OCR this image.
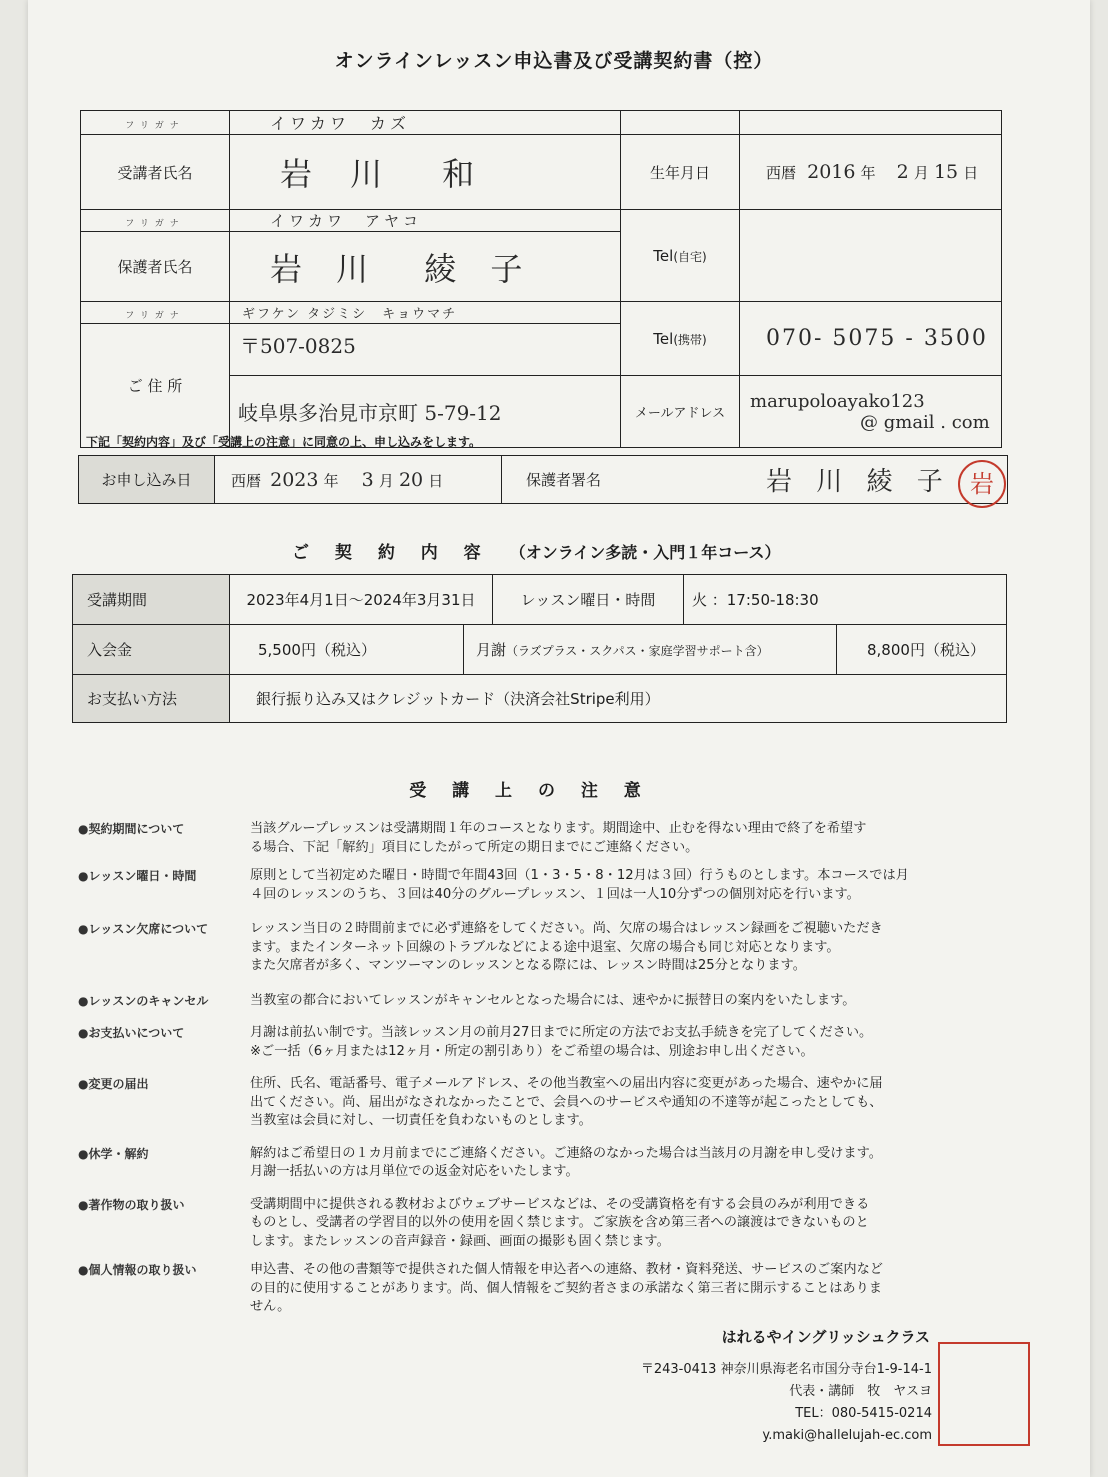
オンラインレッスン申込書及び受講契約書（控）
フリガナ	イワカワ　カズ		
受講者氏名	岩 川　和	生年月日	西暦 2016 年 2 月 15 日
フリガナ	イワカワ　アヤコ	Tel(自宅)	
保護者氏名	岩 川　綾 子		
フリガナ	ギフケン タジミシ　キョウマチ	Tel(携帯)	070- 5075 - 3500
ご 住 所	〒507-0825		
	岐阜県多治見市京町 5-79-12	メールアドレス	marupoloayako123
@ gmail . com
下記「契約内容」及び「受講上の注意」に同意の上、申し込みをします。
お申し込み日	西暦 2023 年 3 月 20 日	保護者署名	岩 川 綾 子 岩
ご 契 約 内 容 （オンライン多読・入門１年コース）
受講期間	2023年4月1日～2024年3月31日	レッスン曜日・時間	火 ：17:50-18:30
入会金	5,500円（税込）	月謝（ラズプラス・スクパス・家庭学習サポート含）	8,800円（税込）
お支払い方法	銀行振り込み又はクレジットカード（決済会社Stripe利用）
受 講 上 の 注 意
●契約期間について	当該グループレッスンは受講期間１年のコースとなります。期間途中、止むを得ない理由で終了を希望す
る場合、下記「解約」項目にしたがって所定の期日までにご連絡ください。
●レッスン曜日・時間	原則として当初定めた曜日・時間で年間43回（1・3・5・8・12月は３回）行うものとします。本コースでは月
４回のレッスンのうち、３回は40分のグループレッスン、１回は一人10分ずつの個別対応を行います。
●レッスン欠席について	レッスン当日の２時間前までに必ず連絡をしてください。尚、欠席の場合はレッスン録画をご視聴いただき
ます。またインターネット回線のトラブルなどによる途中退室、欠席の場合も同じ対応となります。
また欠席者が多く、マンツーマンのレッスンとなる際には、レッスン時間は25分となります。
●レッスンのキャンセル	当教室の都合においてレッスンがキャンセルとなった場合には、速やかに振替日の案内をいたします。
●お支払いについて	月謝は前払い制です。当該レッスン月の前月27日までに所定の方法でお支払手続きを完了してください。
※ご一括（6ヶ月または12ヶ月・所定の割引あり）をご希望の場合は、別途お申し出ください。
●変更の届出	住所、氏名、電話番号、電子メールアドレス、その他当教室への届出内容に変更があった場合、速やかに届
出てください。尚、届出がなされなかったことで、会員へのサービスや通知の不達等が起こったとしても、
当教室は会員に対し、一切責任を負わないものとします。
●休学・解約	解約はご希望日の１カ月前までにご連絡ください。ご連絡のなかった場合は当該月の月謝を申し受けます。
月謝一括払いの方は月単位での返金対応をいたします。
●著作物の取り扱い	受講期間中に提供される教材およびウェブサービスなどは、その受講資格を有する会員のみが利用できる
ものとし、受講者の学習目的以外の使用を固く禁じます。ご家族を含め第三者への譲渡はできないものと
します。またレッスンの音声録音・録画、画面の撮影も固く禁じます。
●個人情報の取り扱い	申込書、その他の書類等で提供された個人情報を申込者への連絡、教材・資料発送、サービスのご案内など
の目的に使用することがあります。尚、個人情報をご契約者さまの承諾なく第三者に開示することはありま
せん。
はれるやイングリッシュクラス
〒243-0413 神奈川県海老名市国分寺台1-9-14-1
代表・講師　牧　ヤスヨ
TEL：080-5415-0214
y.maki@hallelujah-ec.com
